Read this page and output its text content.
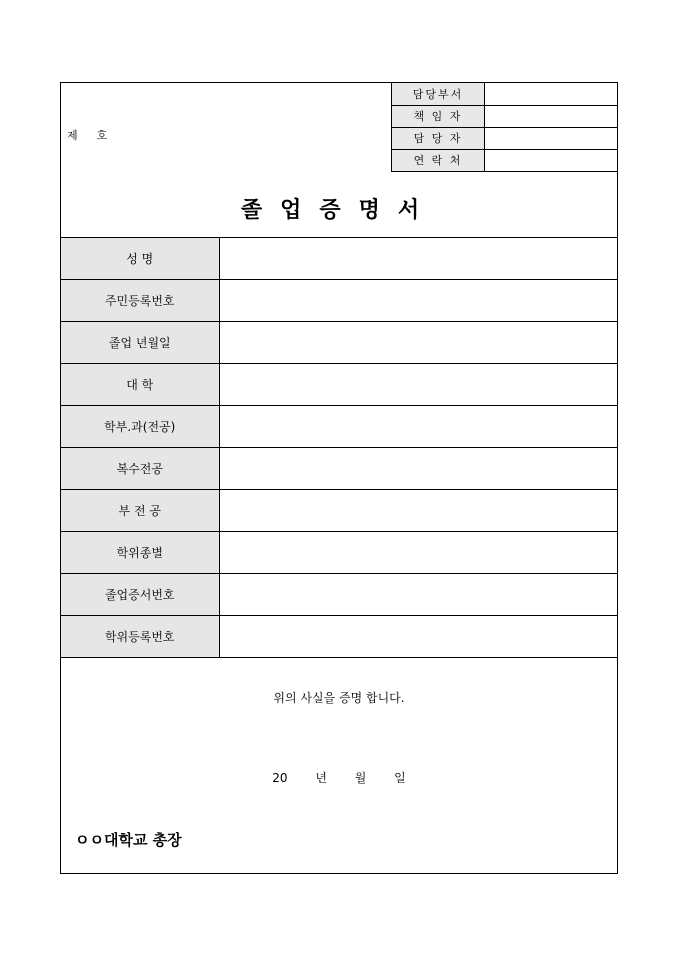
제    호
담당부서	
책 임 자	
담 당 자	
연 락 처	
졸업증명서
성 명	
주민등록번호	
졸업 년월일	
대 학	
학부.과(전공)	
복수전공	
부 전 공	
학위종별	
졸업증서번호	
학위등록번호	
위의 사실을 증명 합니다.
20 년 월 일
ㅇㅇ대학교 총장
